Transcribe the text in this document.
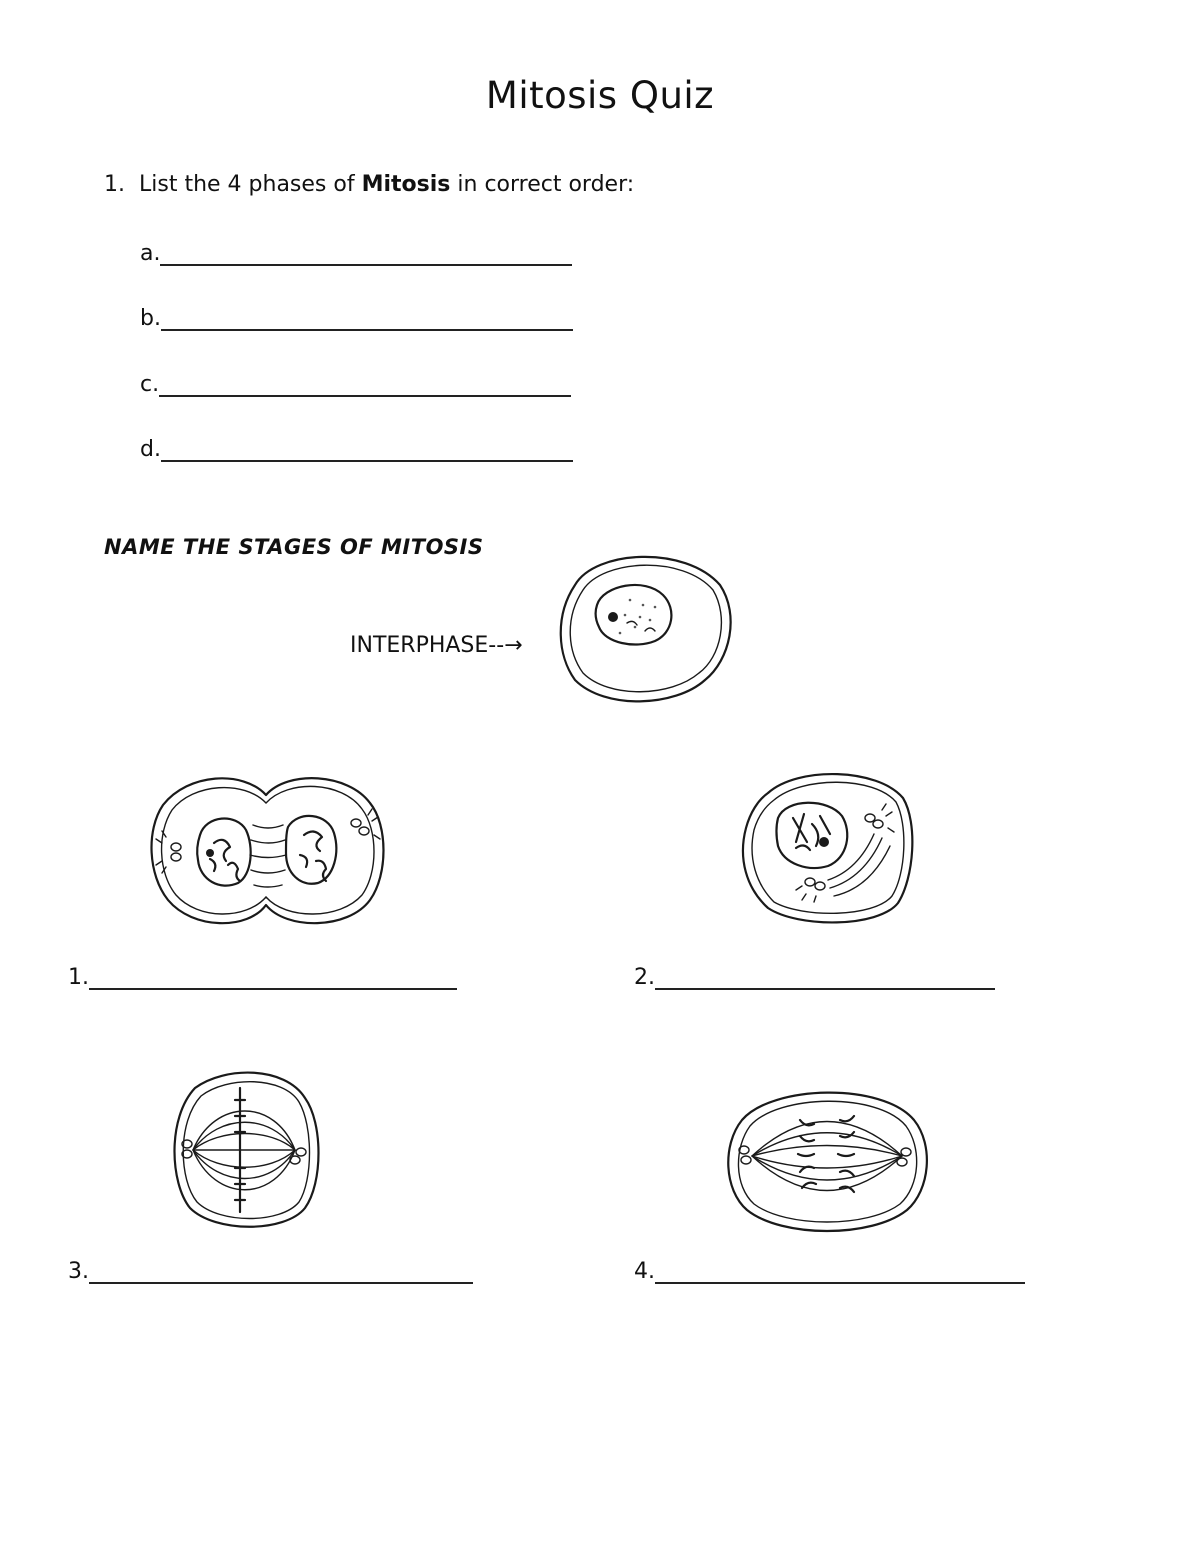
Mitosis Quiz
1. List the 4 phases of Mitosis in correct order:
a.
b.
c.
d.
NAME THE STAGES OF MITOSIS
INTERPHASE--→
1.	2.
3.	4.
